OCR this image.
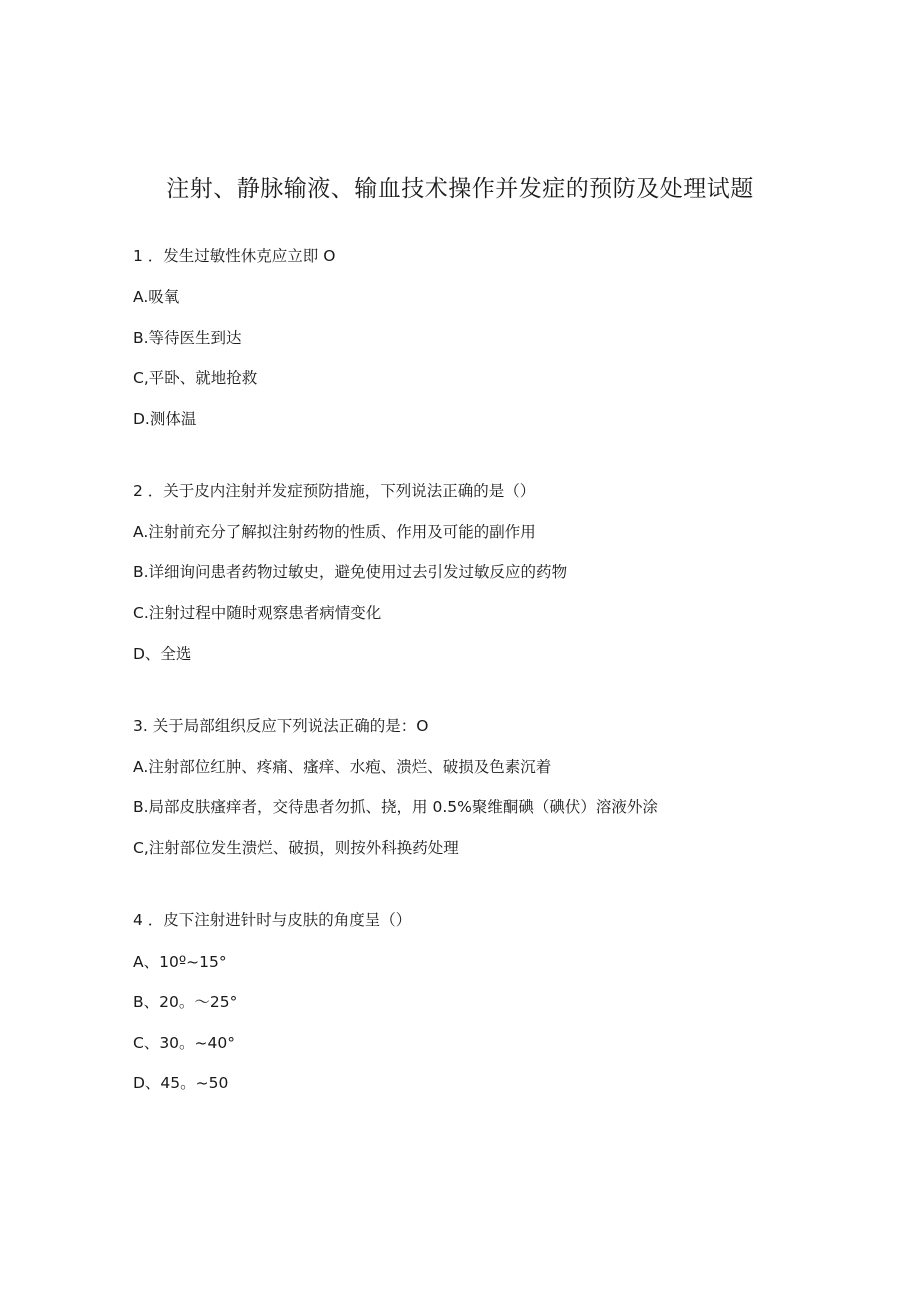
注射、静脉输液、输血技术操作并发症的预防及处理试题
1 ．发生过敏性休克应立即 O
A.吸氧
B.等待医生到达
C,平卧、就地抢救
D.测体温
2 ．关于皮内注射并发症预防措施，下列说法正确的是（）
A.注射前充分了解拟注射药物的性质、作用及可能的副作用
B.详细询问患者药物过敏史，避免使用过去引发过敏反应的药物
C.注射过程中随时观察患者病情变化
D、全选
3. 关于局部组织反应下列说法正确的是：O
A.注射部位红肿、疼痛、瘙痒、水疱、溃烂、破损及色素沉着
B.局部皮肤瘙痒者，交待患者勿抓、挠，用 0.5%聚维酮碘（碘伏）溶液外涂
C,注射部位发生溃烂、破损，则按外科换药处理
4 ．皮下注射进针时与皮肤的角度呈（）
A、10º~15°
B、20。～25°
C、30。~40°
D、45。~50
